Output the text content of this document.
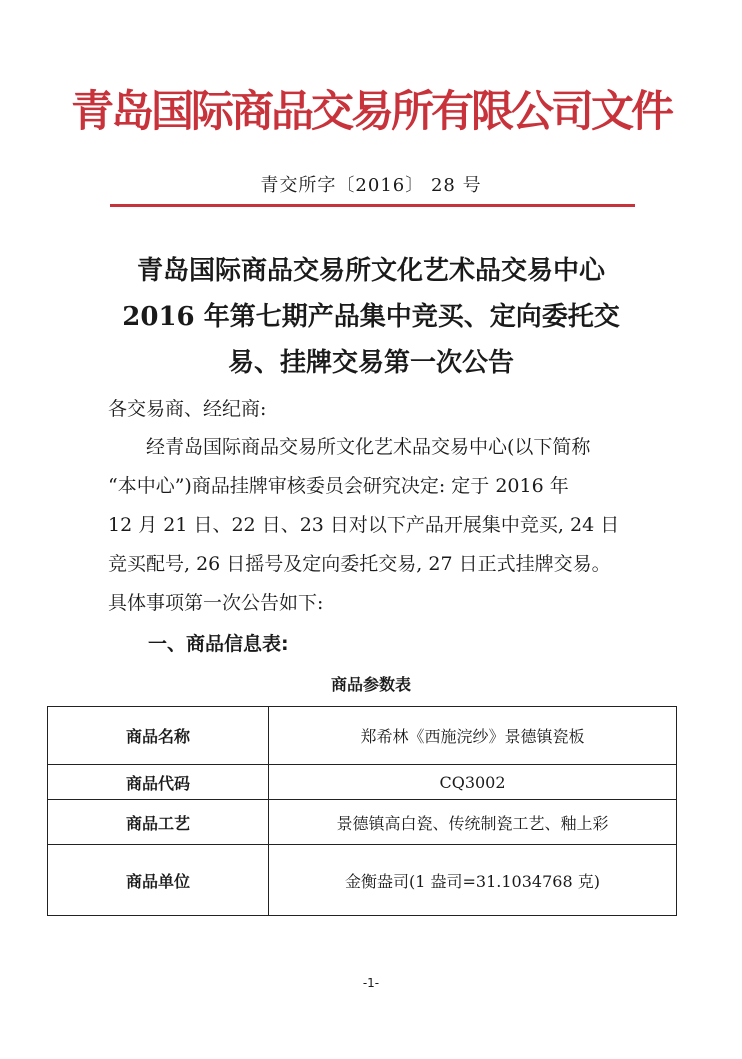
青岛国际商品交易所有限公司文件
青交所字〔2016〕 28 号
青岛国际商品交易所文化艺术品交易中心
2016 年第七期产品集中竞买、定向委托交
易、挂牌交易第一次公告
各交易商、经纪商:
经青岛国际商品交易所文化艺术品交易中心(以下简称
“本中心”)商品挂牌审核委员会研究决定: 定于 2016 年
12 月 21 日、22 日、23 日对以下产品开展集中竞买, 24 日
竞买配号, 26 日摇号及定向委托交易, 27 日正式挂牌交易。
具体事项第一次公告如下:
一、商品信息表:
商品参数表
商品名称	郑希林《西施浣纱》景德镇瓷板
商品代码	CQ3002
商品工艺	景德镇高白瓷、传统制瓷工艺、釉上彩
商品单位	金衡盎司(1 盎司=31.1034768 克)
-1-
